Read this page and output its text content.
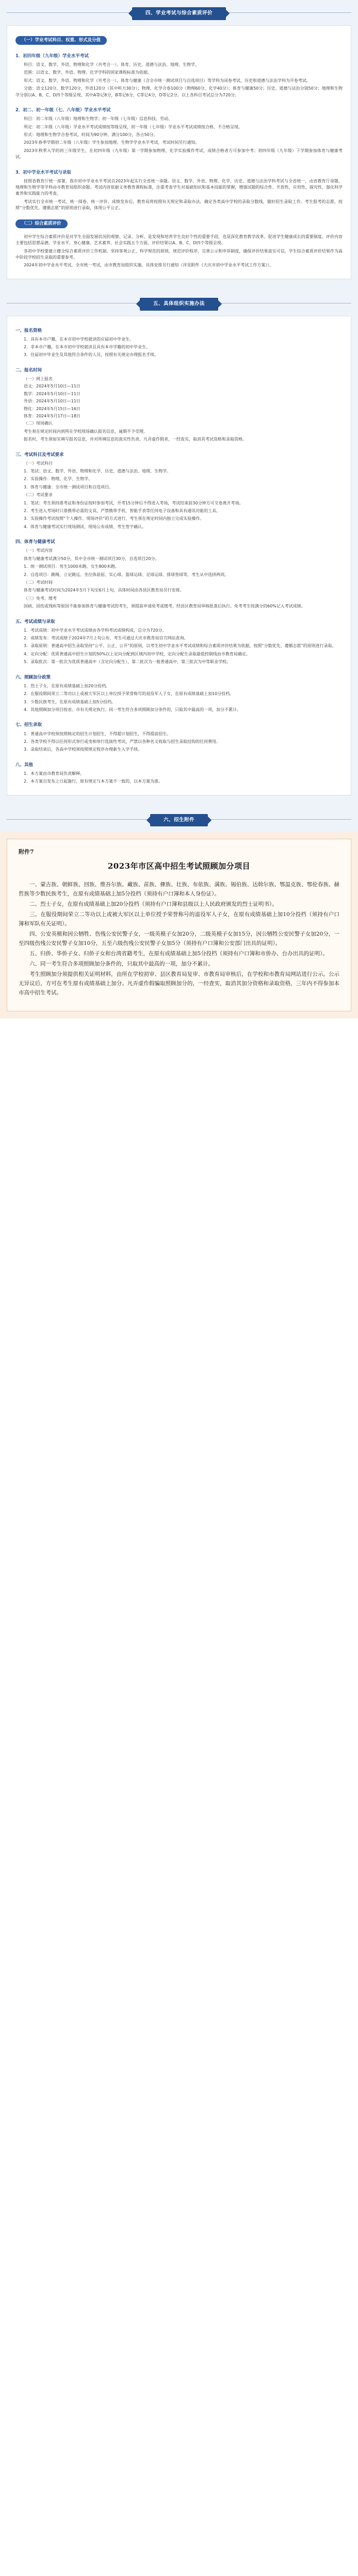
四、学业考试与综合素质评价
（一）学业考试科目、权重、形式及分值
1．初四年级（九年级）学业水平考试

科目：语文、数学、外语、物理和化学（共考合一）、体育、历史、道德与法治、地理、生物学。

范围：以语文、数学、外语、物理、化学学科的国家课程标准为依据。

形式：语文、数学、外语、物理和化学（共考合一）、体育与健康（含全市统一测试项目与自选项目）等学科为闭卷考试，历史和道德与法治学科为开卷考试。

分值：语文120分，数学120分，外语120分（其中听力30分）；物理、化学合卷100分（物理60分，化学40分）；体育与健康50分；历史、道德与法治分别50分；地理和生物学分别以A、B、C、D四个等级呈现，其中A等记8分，B等记6分，C等记4分，D等记2分。以上各科目考试总分为720分。

2．初二、初一年级（七、八年级）学业水平考试

科目：初二年级（八年级）地理和生物学；初一年级（七年级）信息科技、劳动。

所定：初二年级（八年级）学业水平考试成绩按等级呈现，初一年级（七年级）学业水平考试成绩按合格、不合格呈现。

形式：地理和生物学合卷考试，时间为90分钟，满分100分，各占50分。

2023年春季学期初二年级（八年级）学生参加地理、生物学学业水平考试，考试时间另行通知。

2023年秋季入学的初三年级学生，在初四年级（九年级）第一学期参加物理、化学实验操作考试，成绩合格者方可参加中考；初四年级（九年级）下学期参加体育与健康考试。

3．初中学业水平考试与录取

按照省教育厅统一部署，我市初中学业水平考试自2023年起实行全省统一命题。语文、数学、外语、物理、化学、历史、道德与法治学科考试与全省统一，由省教育厅命题，地理和生物学等学科由市教育局组织命题。考试内容依据义务教育课程标准，注重考查学生对基础知识和基本技能的掌握，增强试题的综合性、开放性、应用性、探究性，强化科学素养和实践能力的考查。

考试实行全市统一考试、统一阅卷、统一评价。成绩发布后，教育局将按照有关规定和录取办法，确定各类高中学校的录取分数线，做好招生录取工作。考生报考的志愿，按照“分数优先、遵循志愿”的原则进行录取，体现公平公正。

（二）综合素质评价

初中学生综合素质评价是对学生全面发展状况的观察、记录、分析，是发现和培养学生良好个性的重要手段，也是深化教育教学改革、促进学生健康成长的重要制度。评价内容主要包括思想品德、学业水平、身心健康、艺术素养、社会实践五个方面，评价结果以A、B、C、D四个等级呈现。

各初中学校要建立健全综合素质评价工作机制，坚持客观公正、科学规范的原则，规范评价程序，完善公示和申诉制度，确保评价结果真实可信。学生综合素质评价结果作为高中阶段学校招生录取的重要参考。

2024年初中学业水平考试，全市统一考试，由市教育局组织实施，具体安排另行通知（详见附件《大庆市初中学业水平考试工作方案》）。

五、具体组织实施办法
一、报名资格

1．具有本市户籍，在本市初中学校就读的应届初中毕业生。

2．非本市户籍，在本市初中学校就读且具有本市学籍的初中毕业生。

3．往届初中毕业生及其他符合条件的人员，按照有关规定办理报名手续。

二、报名时间

（一）网上报名

语文：2024年5月10日—11日

数学：2024年5月10日—11日

外语：2024年5月10日—11日

物化：2024年5月15日—16日

体育：2024年5月17日—18日

（二）现场确认

考生须在规定时间内到所在学校现场确认报名信息，逾期不予受理。

报名时，考生须如实填写报名信息，并对所填信息的真实性负责。凡弄虚作假者，一经查实，取消其考试资格和录取资格。

三、考试科目及考试要求

（一）考试科目

1．笔试：语文、数学、外语、物理和化学、历史、道德与法治、地理、生物学。

2．实验操作：物理、化学、生物学。

3．体育与健康：全市统一测试项目和自选项目。

（二）考试要求

1．笔试：考生须持准考证和身份证按时参加考试，开考15分钟后不得进入考场，考试结束前30分钟方可交卷离开考场。

2．考生进入考场时只准携带必需的文具，严禁携带手机、智能手表等任何电子设备和具有通讯功能的工具。

3．实验操作考试按照“个人操作、现场评价”的方式进行，考生须在规定时间内独立完成实验操作。

4．体育与健康考试实行现场测试、现场公布成绩、考生签字确认。

四、体育与健康考试

（一）考试内容

体育与健康考试满分50分，其中全市统一测试项目30分，自选项目20分。

1．统一测试项目：男生1000米跑、女生800米跑。

2．自选项目：跳绳、立定跳远、坐位体前屈、实心球、篮球运球、足球运球、排球垫球等，考生从中选择两项。

（二）考试时间

体育与健康考试时间为2024年5月下旬至6月上旬，具体时间由各县区教育局另行安排。

（三）免考、缓考

因病、因伤或残疾等原因不能参加体育与健康考试的考生，须提前申请免考或缓考，经县区教育局审核批准后执行。免考考生按满分的60%记入考试成绩。

五、考试成绩与录取

1．考试成绩：初中学业水平考试成绩由各学科考试成绩构成，总分为720分。

2．成绩发布：考试成绩于2024年7月上旬公布，考生可通过大庆市教育局官方网站查询。

3．录取原则：普通高中招生录取坚持“公平、公正、公开”的原则，以考生初中学业水平考试成绩和综合素质评价结果为依据，按照“分数优先、遵循志愿”的原则进行录取。

4．定向分配：优质普通高中招生计划的50%以上定向分配到区域内初中学校，定向分配生录取最低控制线由市教育局确定。

5．录取批次：第一批次为优质普通高中（含定向分配生），第二批次为一般普通高中，第三批次为中等职业学校。

六、照顾加分政策

1．烈士子女，在原有成绩基础上加20分投档。

2．在服役期间荣立二等功以上或被大军区以上单位授予荣誉称号的退役军人子女，在原有成绩基础上加10分投档。

3．少数民族考生，在原有成绩基础上加5分投档。

4．其他照顾加分项目按省、市有关规定执行。同一考生符合多项照顾加分条件的，只取其中最高的一项，加分不累计。

七、招生录取

1．普通高中学校须按照核定的招生计划招生，不得超计划招生，不得提前招生。

2．各类学校不得以任何形式举行或变相举行选拔性考试，严禁以各种名义收取与招生录取挂钩的任何费用。

3．录取结束后，各高中学校须按照规定程序办理新生入学手续。

八、其他

1．本方案由市教育局负责解释。

2．本方案自发布之日起施行，原有规定与本方案不一致的，以本方案为准。

六、招生附件
附件7
2023年市区高中招生考试照顾加分项目

一、蒙古族、朝鲜族、回族、维吾尔族、藏族、苗族、彝族、壮族、布依族、满族、锡伯族、达斡尔族、鄂温克族、鄂伦春族、赫哲族等少数民族考生，在原有成绩基础上加5分投档（须持有户口簿和本人身份证）。

二、烈士子女，在原有成绩基础上加20分投档（须持有户口簿和县级以上人民政府颁发的烈士证明书）。

三、在服役期间荣立二等功以上或被大军区以上单位授予荣誉称号的退役军人子女，在原有成绩基础上加10分投档（须持有户口簿和军队有关证明）。

四、公安英模和因公牺牲、伤残公安民警子女，一级英模子女加20分，二级英模子女加15分，因公牺牲公安民警子女加20分，一至四级伤残公安民警子女加10分，五至六级伤残公安民警子女加5分（须持有户口簿和公安部门出具的证明）。

五、归侨、华侨子女、归侨子女和台湾省籍考生，在原有成绩基础上加5分投档（须持有户口簿和市侨办、台办出具的证明）。

六、同一考生符合多项照顾加分条件的，只取其中最高的一项，加分不累计。

考生照顾加分须提供相关证明材料，由所在学校初审、县区教育局复审、市教育局审核后，在学校和市教育局网站进行公示。公示无异议后，方可在考生原有成绩基础上加分。凡弄虚作假骗取照顾加分的，一经查实，取消其加分资格和录取资格，三年内不得参加本市高中招生考试。
